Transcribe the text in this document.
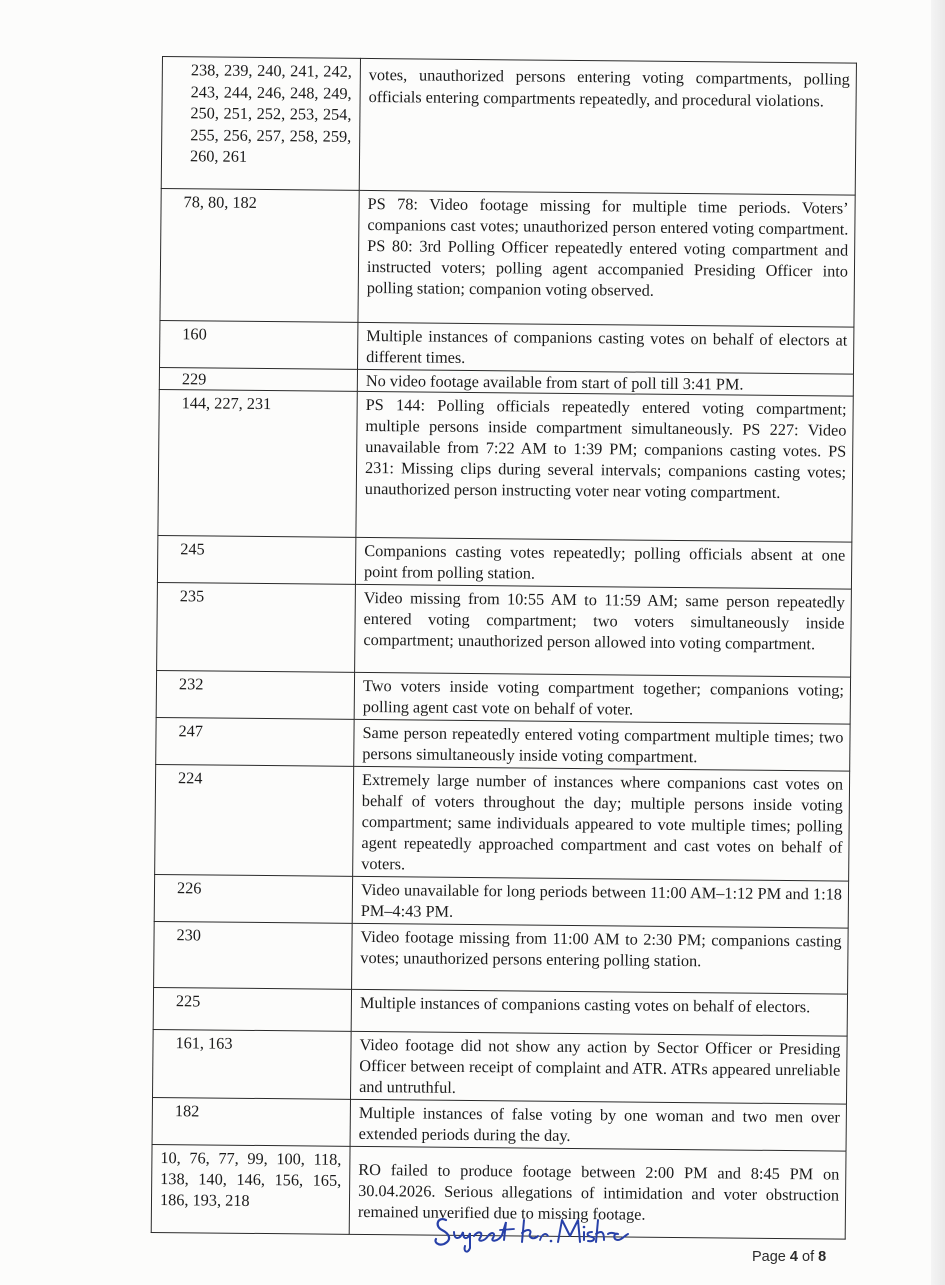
238, 239, 240, 241, 242, 243, 244, 246, 248, 249, 250, 251, 252, 253, 254, 255, 256, 257, 258, 259, 260, 261	votes, unauthorized persons entering voting compartments, polling officials entering compartments repeatedly, and procedural violations.
78, 80, 182	PS 78: Video footage missing for multiple time periods. Voters’ companions cast votes; unauthorized person entered voting compartment. PS 80: 3rd Polling Officer repeatedly entered voting compartment and instructed voters; polling agent accompanied Presiding Officer into polling station; companion voting observed.
160	Multiple instances of companions casting votes on behalf of electors at different times.
229	No video footage available from start of poll till 3:41 PM.
144, 227, 231	PS 144: Polling officials repeatedly entered voting compartment; multiple persons inside compartment simultaneously. PS 227: Video unavailable from 7:22 AM to 1:39 PM; companions casting votes. PS 231: Missing clips during several intervals; companions casting votes; unauthorized person instructing voter near voting compartment.
245	Companions casting votes repeatedly; polling officials absent at one point from polling station.
235	Video missing from 10:55 AM to 11:59 AM; same person repeatedly entered voting compartment; two voters simultaneously inside compartment; unauthorized person allowed into voting compartment.
232	Two voters inside voting compartment together; companions voting; polling agent cast vote on behalf of voter.
247	Same person repeatedly entered voting compartment multiple times; two persons simultaneously inside voting compartment.
224	Extremely large number of instances where companions cast votes on behalf of voters throughout the day; multiple persons inside voting compartment; same individuals appeared to vote multiple times; polling agent repeatedly approached compartment and cast votes on behalf of voters.
226	Video unavailable for long periods between 11:00 AM–1:12 PM and 1:18 PM–4:43 PM.
230	Video footage missing from 11:00 AM to 2:30 PM; companions casting votes; unauthorized persons entering polling station.
225	Multiple instances of companions casting votes on behalf of electors.
161, 163	Video footage did not show any action by Sector Officer or Presiding Officer between receipt of complaint and ATR. ATRs appeared unreliable and untruthful.
182	Multiple instances of false voting by one woman and two men over extended periods during the day.
10, 76, 77, 99, 100, 118, 138, 140, 146, 156, 165, 186, 193, 218	RO failed to produce footage between 2:00 PM and 8:45 PM on 30.04.2026. Serious allegations of intimidation and voter obstruction remained unverified due to missing footage.
Page 4 of 8
